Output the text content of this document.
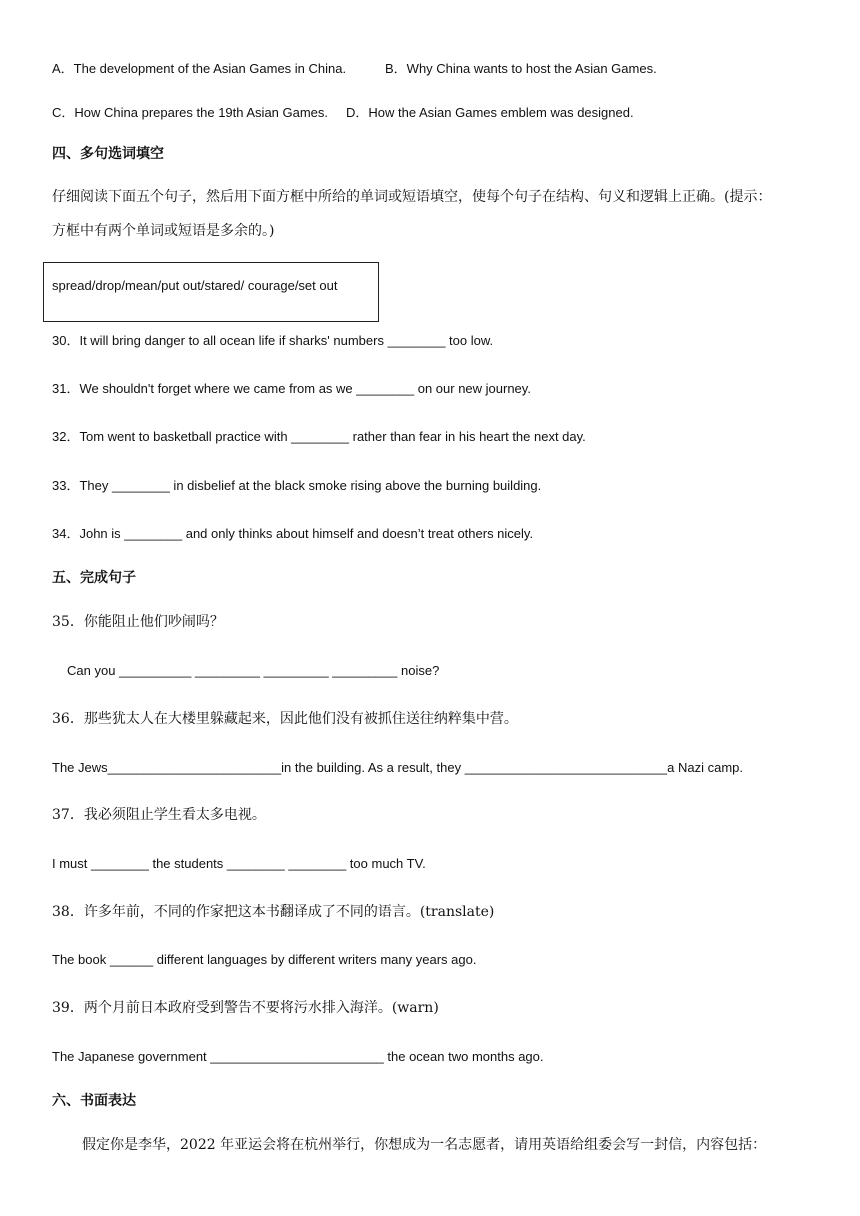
A．The development of the Asian Games in China.	B．Why China wants to host the Asian Games.
C．How China prepares the 19th Asian Games. D．How the Asian Games emblem was designed.
四、多句选词填空
仔细阅读下面五个句子，然后用下面方框中所给的单词或短语填空，使每个句子在结构、句义和逻辑上正确。(提示：
方框中有两个单词或短语是多余的。)
spread/drop/mean/put out/stared/ courage/set out
30．It will bring danger to all ocean life if sharks' numbers ________ too low.
31．We shouldn't forget where we came from as we ________ on our new journey.
32．Tom went to basketball practice with ________ rather than fear in his heart the next day.
33．They ________ in disbelief at the black smoke rising above the burning building.
34．John is ________ and only thinks about himself and doesn’t treat others nicely.
五、完成句子
35．你能阻止他们吵闹吗？
Can you __________ _________ _________ _________ noise?
36．那些犹太人在大楼里躲藏起来，因此他们没有被抓住送往纳粹集中营。
The Jews________________________in the building. As a result, they ____________________________a Nazi camp.
37．我必须阻止学生看太多电视。
I must ________ the students ________ ________ too much TV.
38．许多年前，不同的作家把这本书翻译成了不同的语言。(translate)
The book ______ different languages by different writers many years ago.
39．两个月前日本政府受到警告不要将污水排入海洋。(warn)
The Japanese government ________________________ the ocean two months ago.
六、书面表达
假定你是李华，2022 年亚运会将在杭州举行，你想成为一名志愿者，请用英语给组委会写一封信，内容包括：
